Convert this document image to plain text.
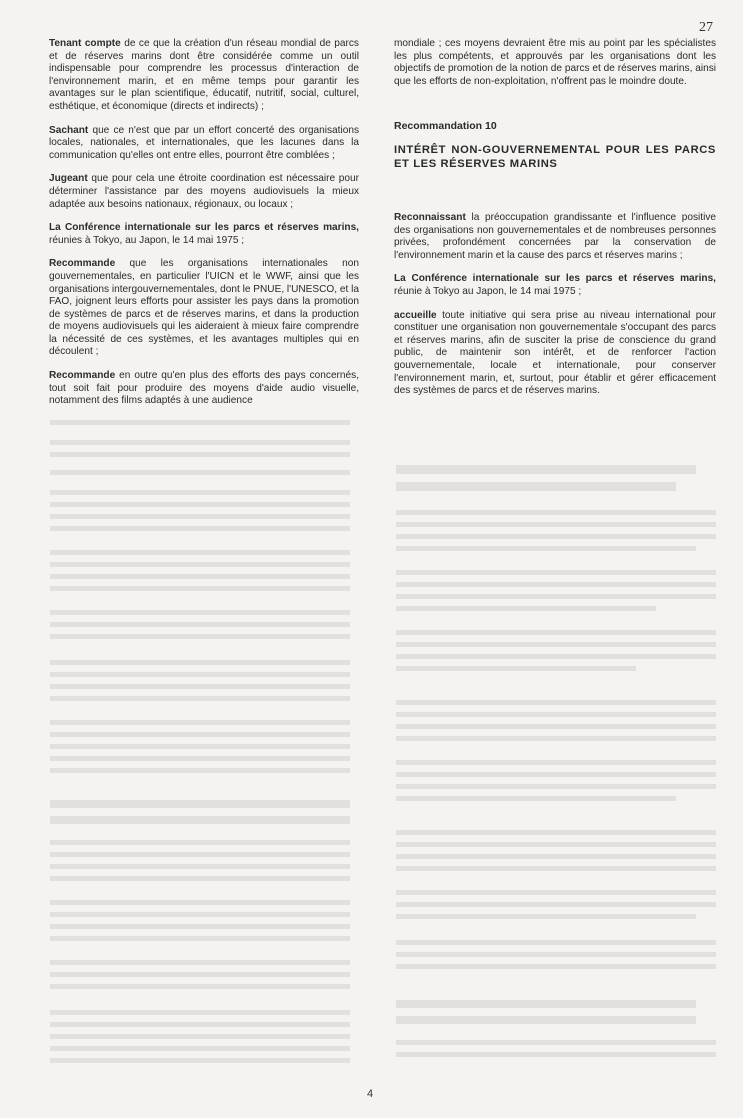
27

Tenant compte de ce que la création d'un réseau mondial de parcs et de réserves marins dont être considérée comme un outil indispensable pour comprendre les processus d'interaction de l'environnement marin, et en même temps pour garantir les avantages sur le plan scientifique, éducatif, nutritif, social, culturel, esthétique, et économique (directs et indirects) ;

Sachant que ce n'est que par un effort concerté des organisations locales, nationales, et internationales, que les lacunes dans la communication qu'elles ont entre elles, pourront être comblées ;

Jugeant que pour cela une étroite coordination est nécessaire pour déterminer l'assistance par des moyens audiovisuels la mieux adaptée aux besoins nationaux, régionaux, ou locaux ;

La Conférence internationale sur les parcs et réserves marins, réunies à Tokyo, au Japon, le 14 mai 1975 ;

Recommande que les organisations internationales non gouvernementales, en particulier l'UICN et le WWF, ainsi que les organisations intergouvernementales, dont le PNUE, l'UNESCO, et la FAO, joignent leurs efforts pour assister les pays dans la promotion de systèmes de parcs et de réserves marins, et dans la production de moyens audiovisuels qui les aideraient à mieux faire comprendre la nécessité de ces systèmes, et les avantages multiples qui en découlent ;

Recommande en outre qu'en plus des efforts des pays concernés, tout soit fait pour produire des moyens d'aide audio visuelle, notamment des films adaptés à une audience

mondiale ; ces moyens devraient être mis au point par les spécialistes les plus compétents, et approuvés par les organisations dont les objectifs de promotion de la notion de parcs et de réserves marins, ainsi que les efforts de non-exploitation, n'offrent pas le moindre doute.

Recommandation 10

INTÉRÊT NON-GOUVERNEMENTAL POUR LES PARCS ET LES RÉSERVES MARINS

Reconnaissant la préoccupation grandissante et l'influence positive des organisations non gouvernementales et de nombreuses personnes privées, profondément concernées par la conservation de l'environnement marin et la cause des parcs et réserves marins ;

La Conférence internationale sur les parcs et réserves marins, réunie à Tokyo au Japon, le 14 mai 1975 ;

accueille toute initiative qui sera prise au niveau international pour constituer une organisation non gouvernementale s'occupant des parcs et réserves marins, afin de susciter la prise de conscience du grand public, de maintenir son intérêt, et de renforcer l'action gouvernementale, locale et internationale, pour conserver l'environnement marin, et, surtout, pour établir et gérer efficacement des systèmes de parcs et de réserves marins.

4
